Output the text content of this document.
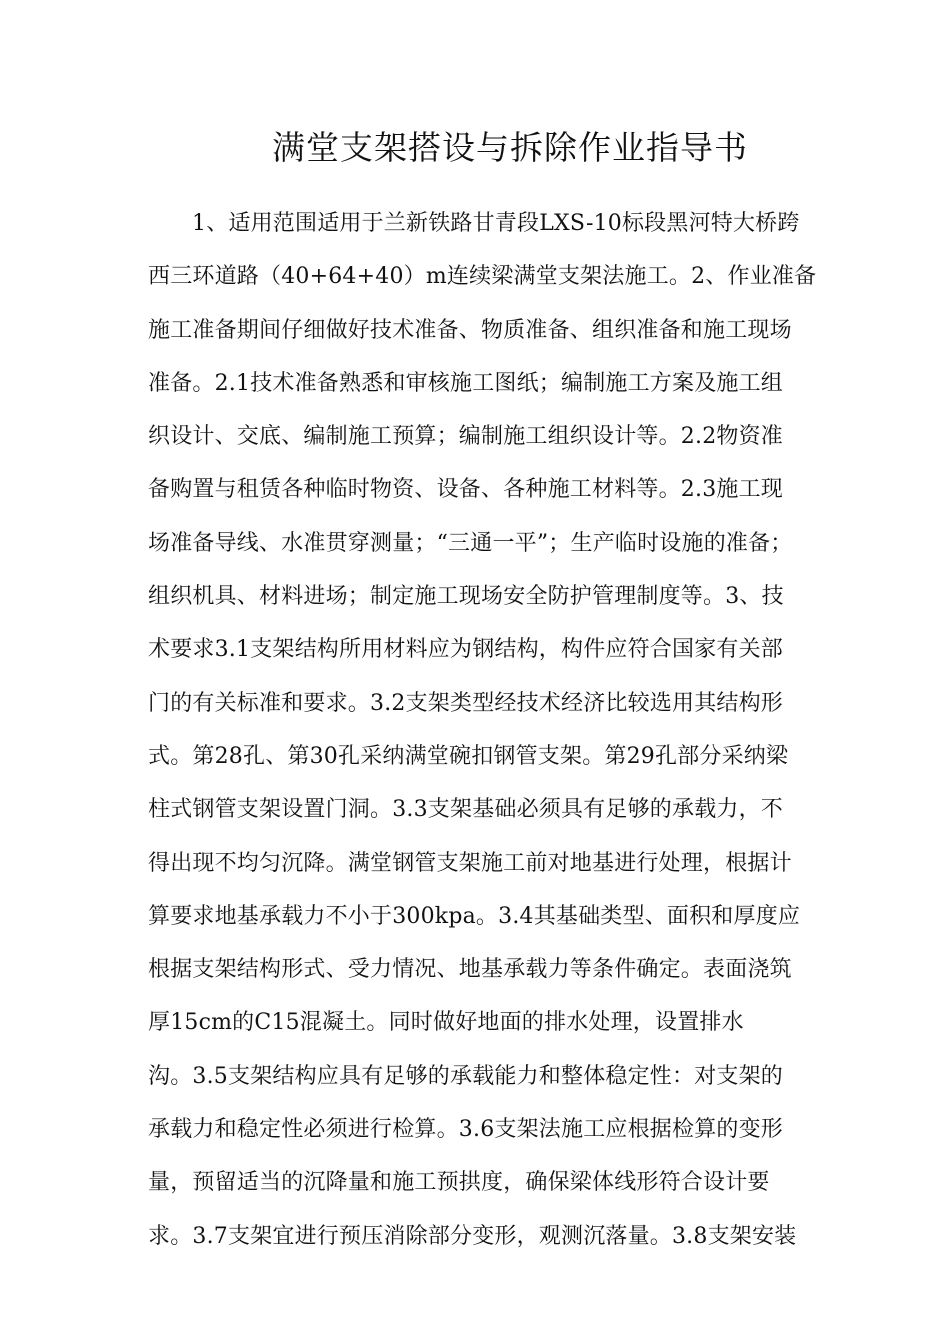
满堂支架搭设与拆除作业指导书
1、适用范围适用于兰新铁路甘青段LXS-10标段黑河特大桥跨
西三环道路（40+64+40）m连续梁满堂支架法施工。2、作业准备
施工准备期间仔细做好技术准备、物质准备、组织准备和施工现场
准备。2.1技术准备熟悉和审核施工图纸；编制施工方案及施工组
织设计、交底、编制施工预算；编制施工组织设计等。2.2物资准
备购置与租赁各种临时物资、设备、各种施工材料等。2.3施工现
场准备导线、水准贯穿测量；“三通一平”；生产临时设施的准备；
组织机具、材料进场；制定施工现场安全防护管理制度等。3、技
术要求3.1支架结构所用材料应为钢结构，构件应符合国家有关部
门的有关标准和要求。3.2支架类型经技术经济比较选用其结构形
式。第28孔、第30孔采纳满堂碗扣钢管支架。第29孔部分采纳梁
柱式钢管支架设置门洞。3.3支架基础必须具有足够的承载力，不
得出现不均匀沉降。满堂钢管支架施工前对地基进行处理，根据计
算要求地基承载力不小于300kpa。3.4其基础类型、面积和厚度应
根据支架结构形式、受力情况、地基承载力等条件确定。表面浇筑
厚15cm的C15混凝土。同时做好地面的排水处理，设置排水
沟。3.5支架结构应具有足够的承载能力和整体稳定性：对支架的
承载力和稳定性必须进行检算。3.6支架法施工应根据检算的变形
量，预留适当的沉降量和施工预拱度，确保梁体线形符合设计要
求。3.7支架宜进行预压消除部分变形，观测沉落量。3.8支架安装
